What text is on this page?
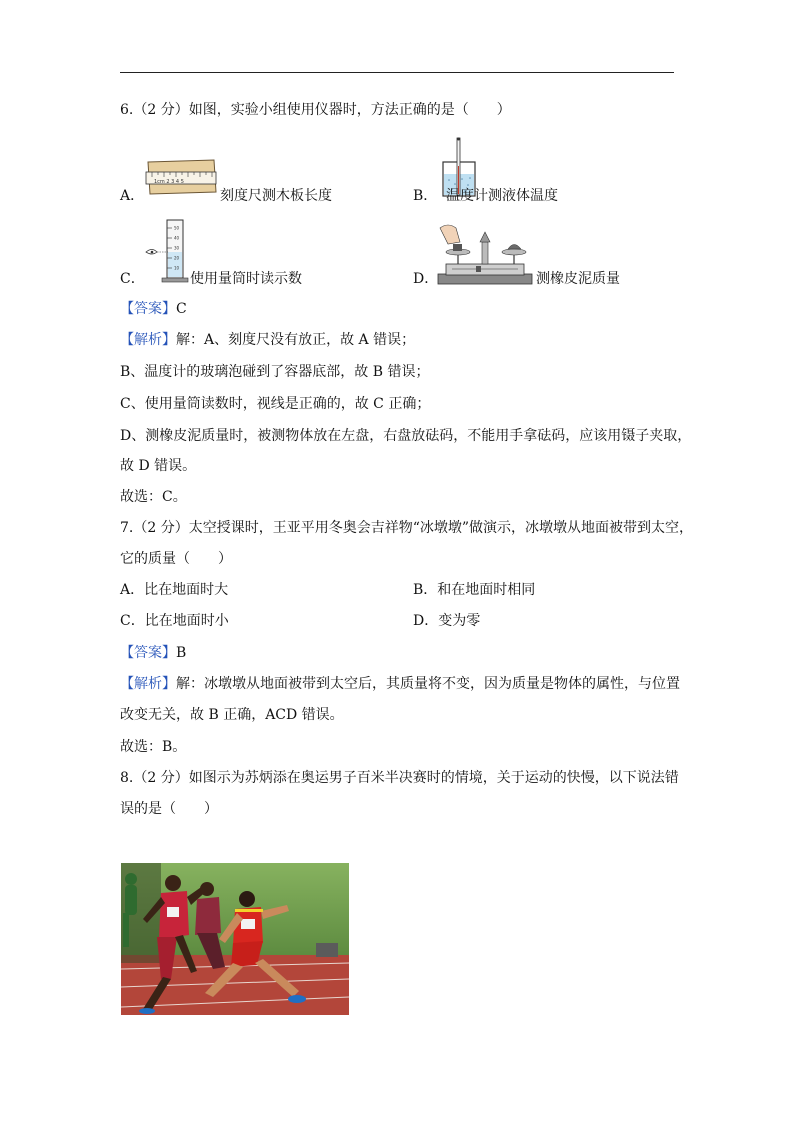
6.（2 分）如图，实验小组使用仪器时，方法正确的是（　　）
1cm 2 3 4 5
A．	刻度尺测木板长度	B． 温度计测液体温度
50
40
30
20
10
C．	使用量筒时读示数	D．	测橡皮泥质量
【答案】C
【解析】解：A、刻度尺没有放正，故 A 错误；
B、温度计的玻璃泡碰到了容器底部，故 B 错误；
C、使用量筒读数时，视线是正确的，故 C 正确；
D、测橡皮泥质量时，被测物体放在左盘，右盘放砝码，不能用手拿砝码，应该用镊子夹取，
故 D 错误。
故选：C。
7.（2 分）太空授课时，王亚平用冬奥会吉祥物“冰墩墩”做演示，冰墩墩从地面被带到太空，
它的质量（　　）
A．比在地面时大	B．和在地面时相同
C．比在地面时小	D．变为零
【答案】B
【解析】解：冰墩墩从地面被带到太空后，其质量将不变，因为质量是物体的属性，与位置
改变无关，故 B 正确，ACD 错误。
故选：B。
8.（2 分）如图示为苏炳添在奥运男子百米半决赛时的情境，关于运动的快慢，以下说法错
误的是（　　）
